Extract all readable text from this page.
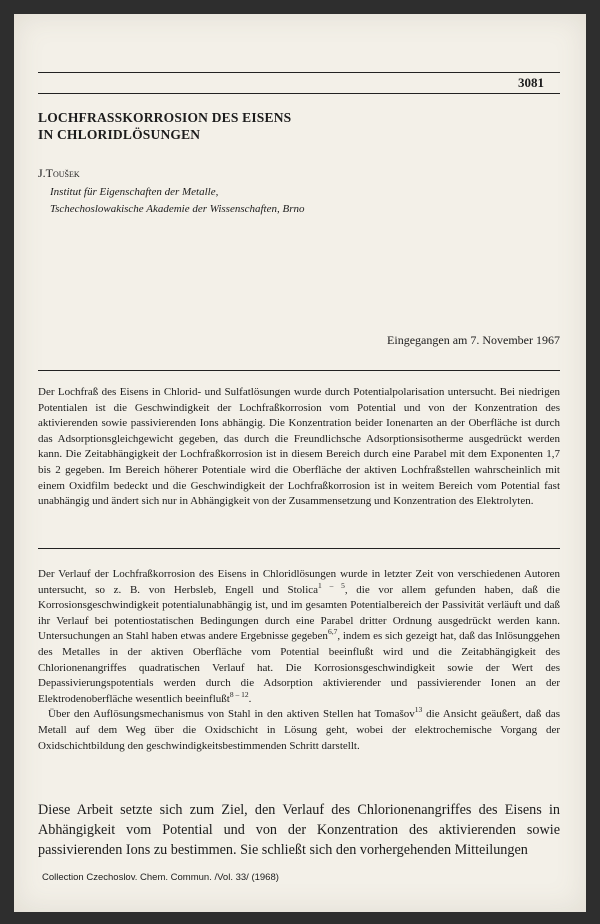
3081
LOCHFRASSKORROSION DES EISENS
IN CHLORIDLÖSUNGEN
J.Toušek
Institut für Eigenschaften der Metalle,
Tschechoslowakische Akademie der Wissenschaften, Brno
Eingegangen am 7. November 1967
Der Lochfraß des Eisens in Chlorid- und Sulfatlösungen wurde durch Potentialpolarisation untersucht. Bei niedrigen Potentialen ist die Geschwindigkeit der Lochfraßkorrosion vom Potential und von der Konzentration des aktivierenden sowie passivierenden Ions abhängig. Die Konzentration beider Ionenarten an der Oberfläche ist durch das Adsorptionsgleichgewicht gegeben, das durch die Freundlichsche Adsorptionsisotherme ausgedrückt werden kann. Die Zeitabhängigkeit der Lochfraßkorrosion ist in diesem Bereich durch eine Parabel mit dem Exponenten 1,7 bis 2 gegeben. Im Bereich höherer Potentiale wird die Oberfläche der aktiven Lochfraßstellen wahrscheinlich mit einem Oxidfilm bedeckt und die Geschwindigkeit der Lochfraßkorrosion ist in weitem Bereich vom Potential fast unabhängig und ändert sich nur in Abhängigkeit von der Zusammensetzung und Konzentration des Elektrolyten.

Der Verlauf der Lochfraßkorrosion des Eisens in Chloridlösungen wurde in letzter Zeit von verschiedenen Autoren untersucht, so z. B. von Herbsleb, Engell und Stolica$^{1 - 5}$, die vor allem gefunden haben, daß die Korrosionsgeschwindigkeit potentialunabhängig ist, und im gesamten Potentialbereich der Passivität verläuft und daß ihr Verlauf bei potentiostatischen Bedingungen durch eine Parabel dritter Ordnung ausgedrückt werden kann. Untersuchungen an Stahl haben etwas andere Ergebnisse gegeben$^{6,7}$, indem es sich gezeigt hat, daß das Inlösunggehen des Metalles in der aktiven Oberfläche vom Potential beeinflußt wird und die Zeitabhängigkeit des Chlorionenangriffes quadratischen Verlauf hat. Die Korrosionsgeschwindigkeit sowie der Wert des Depassivierungspotentials werden durch die Adsorption aktivierender und passivierender Ionen an der Elektrodenoberfläche wesentlich beeinflußt$^{8 - 12}$.

Über den Auflösungsmechanismus von Stahl in den aktiven Stellen hat Tomašov$^{13}$ die Ansicht geäußert, daß das Metall auf dem Weg über die Oxidschicht in Lösung geht, wobei der elektrochemische Vorgang der Oxidschichtbildung den geschwindigkeitsbestimmenden Schritt darstellt.

Diese Arbeit setzte sich zum Ziel, den Verlauf des Chlorionenangriffes des Eisens in Abhängigkeit vom Potential und von der Konzentration des aktivierenden sowie passivierenden Ions zu bestimmen. Sie schließt sich den vorhergehenden Mitteilungen
Collection Czechoslov. Chem. Commun. /Vol. 33/ (1968)
